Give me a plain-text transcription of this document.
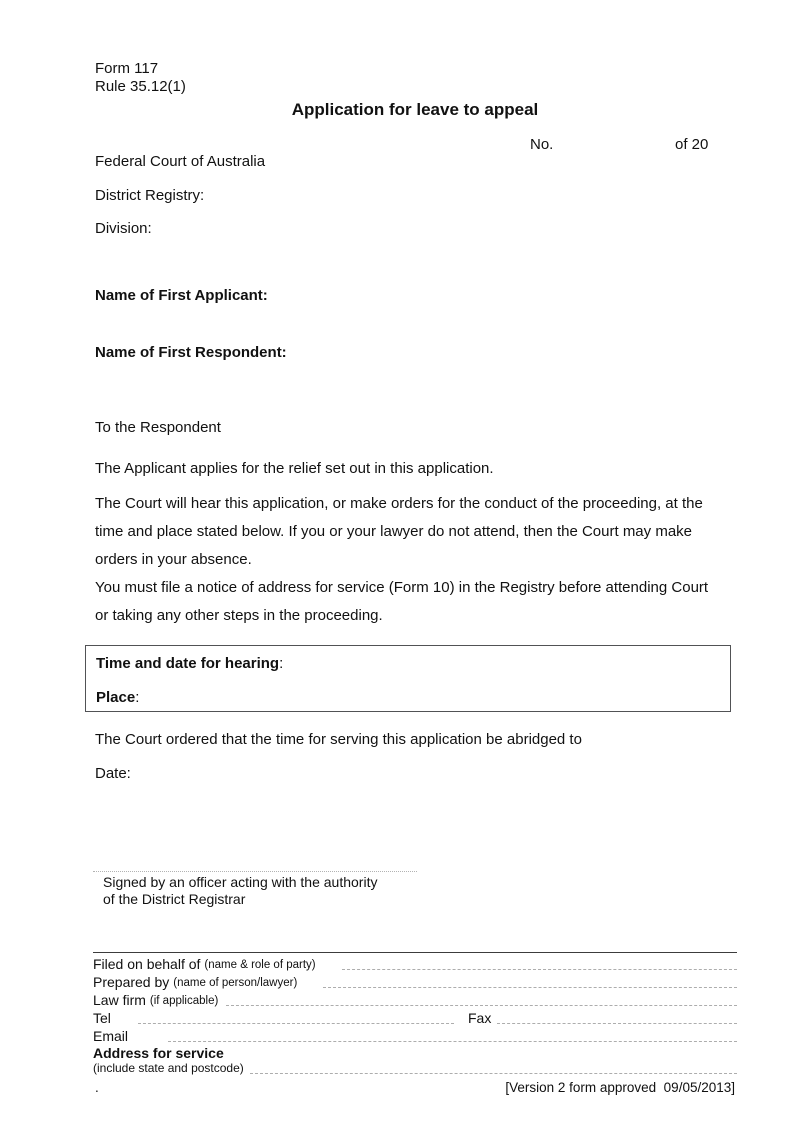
Form 117
Rule 35.12(1)
Application for leave to appeal
No.	of 20
Federal Court of Australia
District Registry:
Division:
Name of First Applicant:
Name of First Respondent:
To the Respondent

The Applicant applies for the relief set out in this application.

The Court will hear this application, or make orders for the conduct of the proceeding, at the time and place stated below. If you or your lawyer do not attend, then the Court may make orders in your absence.

You must file a notice of address for service (Form 10) in the Registry before attending Court or taking any other steps in the proceeding.

Time and date for hearing:
Place:
The Court ordered that the time for serving this application be abridged to
Date:
Signed by an officer acting with the authority
of the District Registrar
Filed on behalf of (name & role of party)
Prepared by (name of person/lawyer)
Law firm (if applicable)
Tel	Fax
Email
Address for service
(include state and postcode)
.	[Version 2 form approved  09/05/2013]
